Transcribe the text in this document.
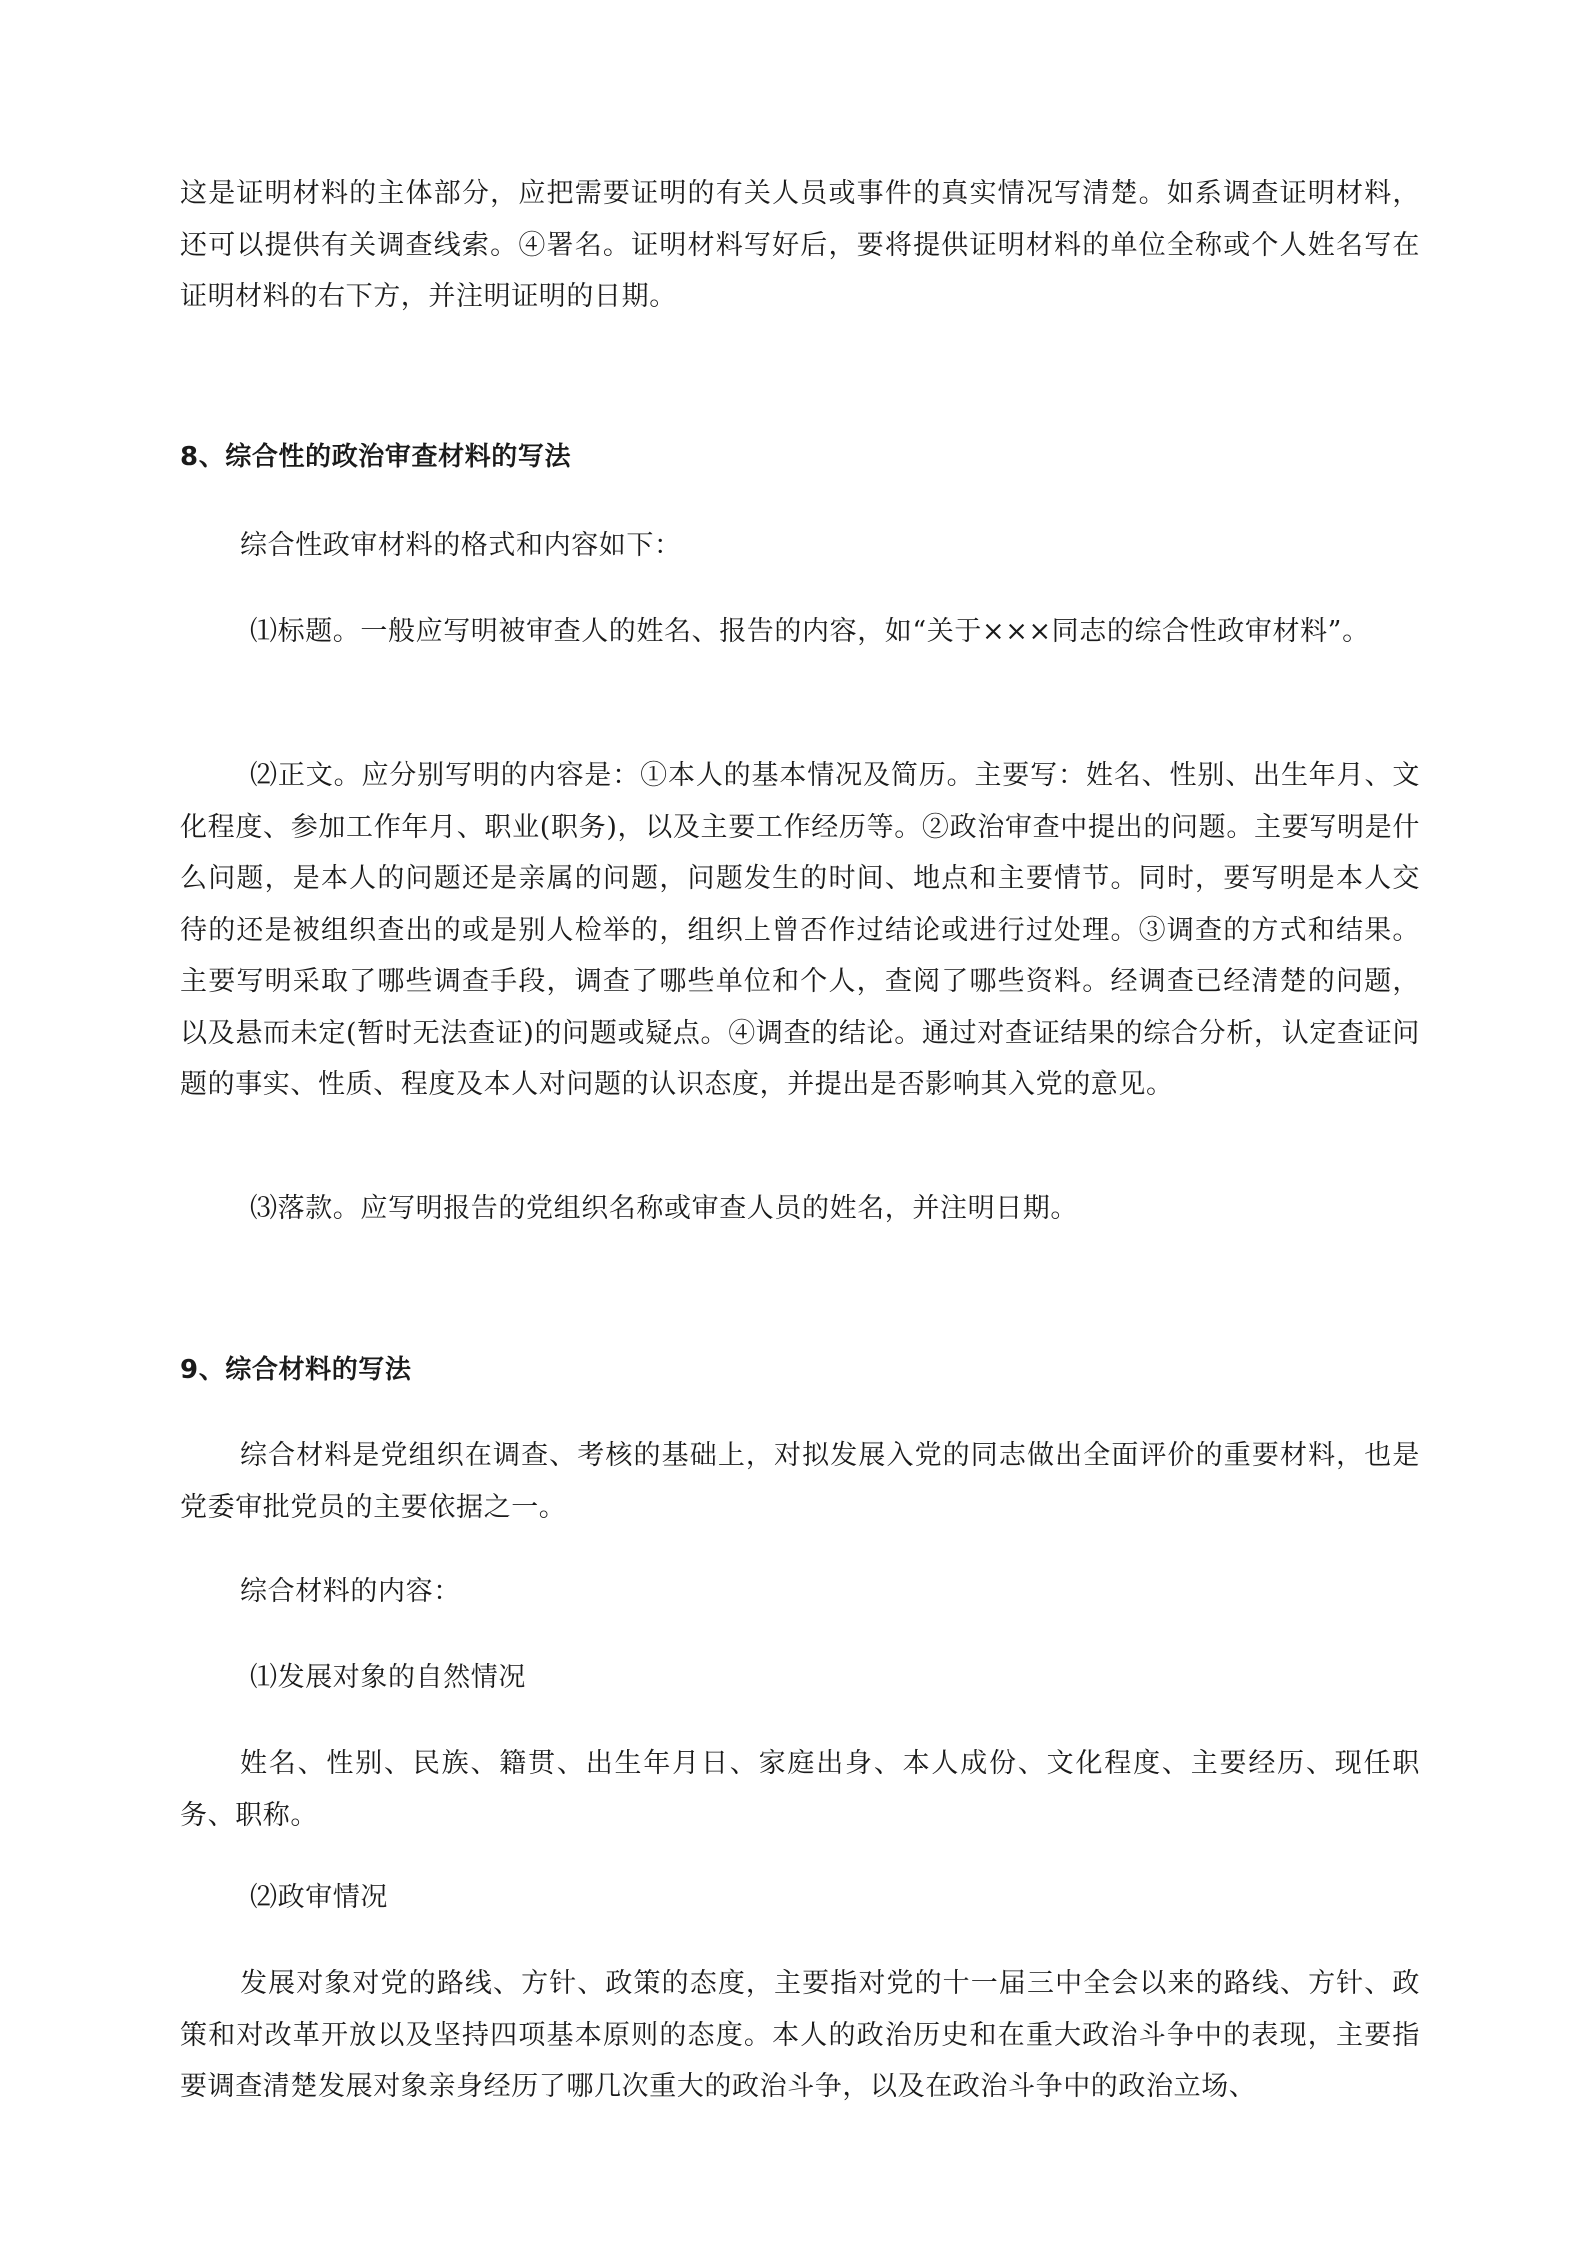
这是证明材料的主体部分，应把需要证明的有关人员或事件的真实情况写清楚。如系调查证明材料，还可以提供有关调查线索。④署名。证明材料写好后，要将提供证明材料的单位全称或个人姓名写在证明材料的右下方，并注明证明的日期。

8、综合性的政治审查材料的写法

综合性政审材料的格式和内容如下：

⑴标题。一般应写明被审查人的姓名、报告的内容，如“关于×××同志的综合性政审材料”。

⑵正文。应分别写明的内容是：①本人的基本情况及简历。主要写：姓名、性别、出生年月、文化程度、参加工作年月、职业(职务)，以及主要工作经历等。②政治审查中提出的问题。主要写明是什么问题，是本人的问题还是亲属的问题，问题发生的时间、地点和主要情节。同时，要写明是本人交待的还是被组织查出的或是别人检举的，组织上曾否作过结论或进行过处理。③调查的方式和结果。主要写明采取了哪些调查手段，调查了哪些单位和个人，查阅了哪些资料。经调查已经清楚的问题，以及悬而未定(暂时无法查证)的问题或疑点。④调查的结论。通过对查证结果的综合分析，认定查证问题的事实、性质、程度及本人对问题的认识态度，并提出是否影响其入党的意见。

⑶落款。应写明报告的党组织名称或审查人员的姓名，并注明日期。

9、综合材料的写法

综合材料是党组织在调查、考核的基础上，对拟发展入党的同志做出全面评价的重要材料，也是党委审批党员的主要依据之一。

综合材料的内容：

⑴发展对象的自然情况

姓名、性别、民族、籍贯、出生年月日、家庭出身、本人成份、文化程度、主要经历、现任职务、职称。

⑵政审情况

发展对象对党的路线、方针、政策的态度，主要指对党的十一届三中全会以来的路线、方针、政策和对改革开放以及坚持四项基本原则的态度。本人的政治历史和在重大政治斗争中的表现，主要指要调查清楚发展对象亲身经历了哪几次重大的政治斗争，以及在政治斗争中的政治立场、
